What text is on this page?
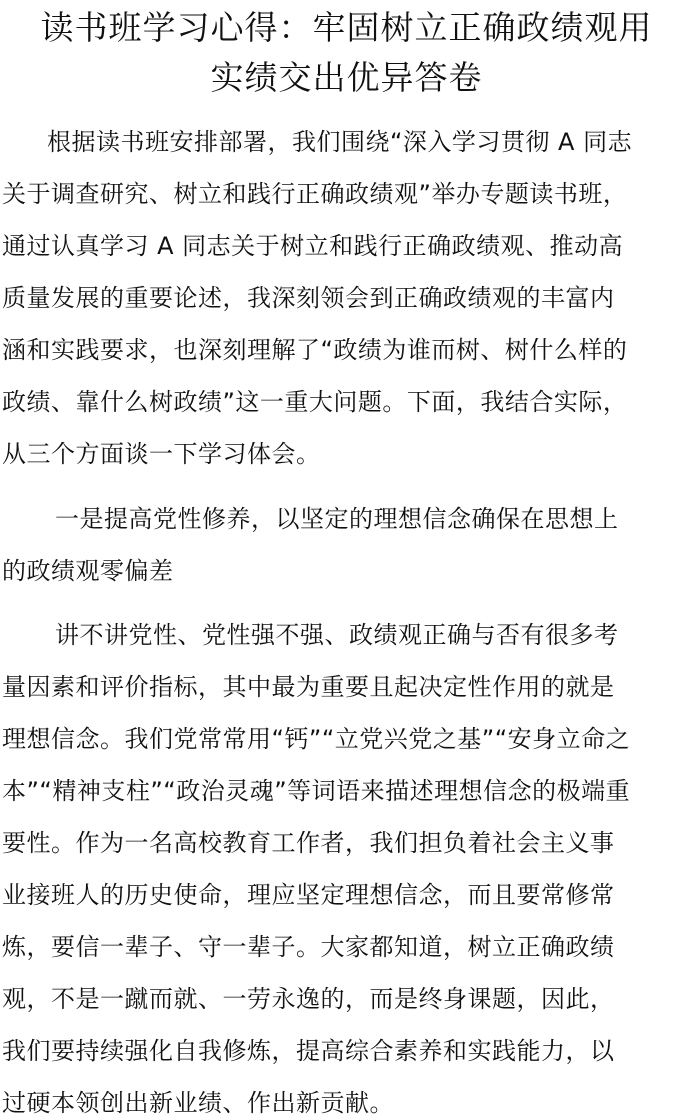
读书班学习心得：牢固树立正确政绩观用
实绩交出优异答卷
根据读书班安排部署，我们围绕“深入学习贯彻 A 同志
关于调查研究、树立和践行正确政绩观”举办专题读书班，
通过认真学习 A 同志关于树立和践行正确政绩观、推动高
质量发展的重要论述，我深刻领会到正确政绩观的丰富内
涵和实践要求，也深刻理解了“政绩为谁而树、树什么样的
政绩、靠什么树政绩”这一重大问题。下面，我结合实际，
从三个方面谈一下学习体会。
一是提高党性修养，以坚定的理想信念确保在思想上
的政绩观零偏差
讲不讲党性、党性强不强、政绩观正确与否有很多考
量因素和评价指标，其中最为重要且起决定性作用的就是
理想信念。我们党常常用“钙”“立党兴党之基”“安身立命之
本”“精神支柱”“政治灵魂”等词语来描述理想信念的极端重
要性。作为一名高校教育工作者，我们担负着社会主义事
业接班人的历史使命，理应坚定理想信念，而且要常修常
炼，要信一辈子、守一辈子。大家都知道，树立正确政绩
观，不是一蹴而就、一劳永逸的，而是终身课题，因此，
我们要持续强化自我修炼，提高综合素养和实践能力，以
过硬本领创出新业绩、作出新贡献。
